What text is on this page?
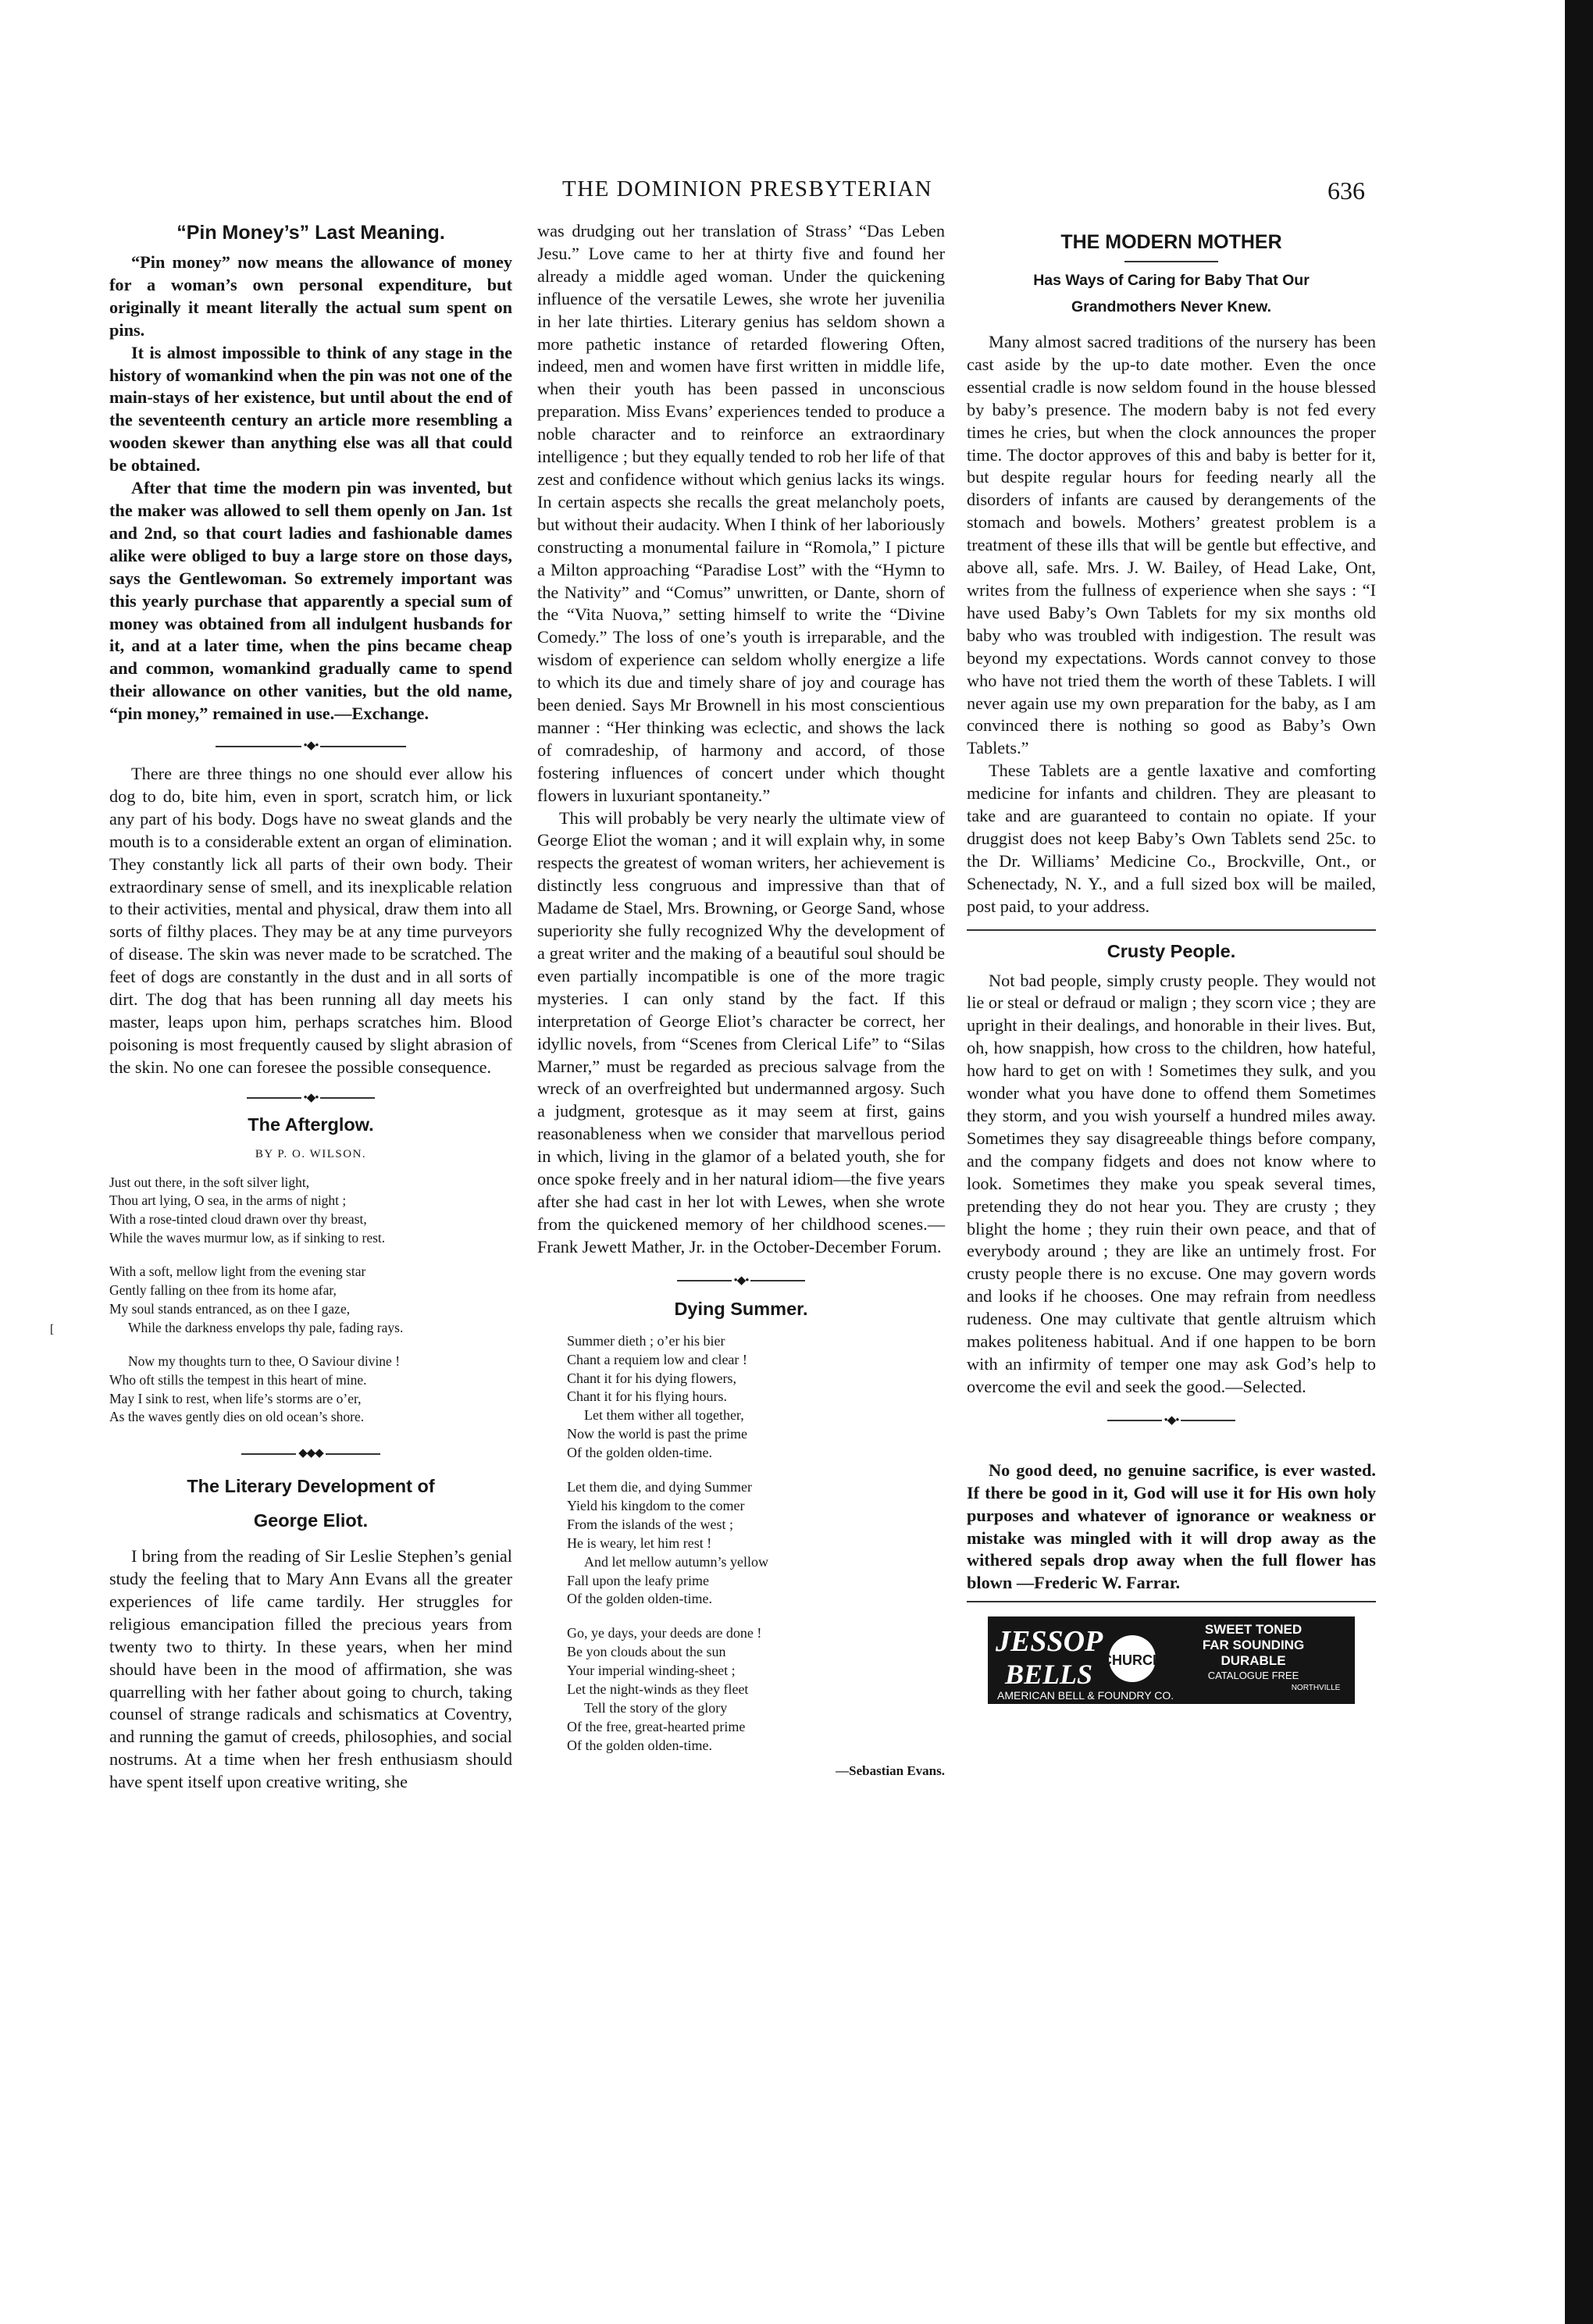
THE DOMINION PRESBYTERIAN	636
[
“Pin Money’s” Last Meaning.

“Pin money” now means the allowance of money for a woman’s own personal expenditure, but originally it meant literally the actual sum spent on pins.

It is almost impossible to think of any stage in the history of womankind when the pin was not one of the main-stays of her existence, but until about the end of the seventeenth century an article more resembling a wooden skewer than anything else was all that could be obtained.

After that time the modern pin was invented, but the maker was allowed to sell them openly on Jan. 1st and 2nd, so that court ladies and fashionable dames alike were obliged to buy a large store on those days, says the Gentlewoman. So extremely important was this yearly purchase that apparently a special sum of money was obtained from all indulgent husbands for it, and at a later time, when the pins became cheap and common, womankind gradually came to spend their allowance on other vanities, but the old name, “pin money,” remained in use.—Exchange.

•◆•

There are three things no one should ever allow his dog to do, bite him, even in sport, scratch him, or lick any part of his body. Dogs have no sweat glands and the mouth is to a considerable extent an organ of elimination. They constantly lick all parts of their own body. Their extraordinary sense of smell, and its inexplicable relation to their activities, mental and physical, draw them into all sorts of filthy places. They may be at any time purveyors of disease. The skin was never made to be scratched. The feet of dogs are constantly in the dust and in all sorts of dirt. The dog that has been running all day meets his master, leaps upon him, perhaps scratches him. Blood poisoning is most frequently caused by slight abrasion of the skin. No one can foresee the possible consequence.

•◆•
The Afterglow.
BY P. O. WILSON.
Just out there, in the soft silver light,
Thou art lying, O sea, in the arms of night ;
With a rose-tinted cloud drawn over thy breast,
While the waves murmur low, as if sinking to rest.
With a soft, mellow light from the evening star
Gently falling on thee from its home afar,
My soul stands entranced, as on thee I gaze,
While the darkness envelops thy pale, fading rays.
Now my thoughts turn to thee, O Saviour divine !
Who oft stills the tempest in this heart of mine.
May I sink to rest, when life’s storms are o’er,
As the waves gently dies on old ocean’s shore.
◆◆◆
The Literary Development of
George Eliot.

I bring from the reading of Sir Leslie Stephen’s genial study the feeling that to Mary Ann Evans all the greater experiences of life came tardily. Her struggles for religious emancipation filled the precious years from twenty two to thirty. In these years, when her mind should have been in the mood of affirmation, she was quarrelling with her father about going to church, taking counsel of strange radicals and schismatics at Coventry, and running the gamut of creeds, philosophies, and social nostrums. At a time when her fresh enthusiasm should have spent itself upon creative writing, she

was drudging out her translation of Strass’ “Das Leben Jesu.” Love came to her at thirty five and found her already a middle aged woman. Under the quickening influence of the versatile Lewes, she wrote her juvenilia in her late thirties. Literary genius has seldom shown a more pathetic instance of retarded flowering Often, indeed, men and women have first written in middle life, when their youth has been passed in unconscious preparation. Miss Evans’ experiences tended to produce a noble character and to reinforce an extraordinary intelligence ; but they equally tended to rob her life of that zest and confidence without which genius lacks its wings. In certain aspects she recalls the great melancholy poets, but without their audacity. When I think of her laboriously constructing a monumental failure in “Romola,” I picture a Milton approaching “Paradise Lost” with the “Hymn to the Nativity” and “Comus” unwritten, or Dante, shorn of the “Vita Nuova,” setting himself to write the “Divine Comedy.” The loss of one’s youth is irreparable, and the wisdom of experience can seldom wholly energize a life to which its due and timely share of joy and courage has been denied. Says Mr Brownell in his most conscientious manner : “Her thinking was eclectic, and shows the lack of comradeship, of harmony and accord, of those fostering influences of concert under which thought flowers in luxuriant spontaneity.”

This will probably be very nearly the ultimate view of George Eliot the woman ; and it will explain why, in some respects the greatest of woman writers, her achievement is distinctly less congruous and impressive than that of Madame de Stael, Mrs. Browning, or George Sand, whose superiority she fully recognized Why the development of a great writer and the making of a beautiful soul should be even partially incompatible is one of the more tragic mysteries. I can only stand by the fact. If this interpretation of George Eliot’s character be correct, her idyllic novels, from “Scenes from Clerical Life” to “Silas Marner,” must be regarded as precious salvage from the wreck of an overfreighted but undermanned argosy. Such a judgment, grotesque as it may seem at first, gains reasonableness when we consider that marvellous period in which, living in the glamor of a belated youth, she for once spoke freely and in her natural idiom—the five years after she had cast in her lot with Lewes, when she wrote from the quickened memory of her childhood scenes.—Frank Jewett Mather, Jr. in the October-December Forum.

•◆•
Dying Summer.
Summer dieth ; o’er his bier
Chant a requiem low and clear !
Chant it for his dying flowers,
Chant it for his flying hours.
Let them wither all together,
Now the world is past the prime
Of the golden olden-time.
Let them die, and dying Summer
Yield his kingdom to the comer
From the islands of the west ;
He is weary, let him rest !
And let mellow autumn’s yellow
Fall upon the leafy prime
Of the golden olden-time.
Go, ye days, your deeds are done !
Be yon clouds about the sun
Your imperial winding-sheet ;
Let the night-winds as they fleet
Tell the story of the glory
Of the free, great-hearted prime
Of the golden olden-time.
—Sebastian Evans.
THE MODERN MOTHER
Has Ways of Caring for Baby That Our
Grandmothers Never Knew.

Many almost sacred traditions of the nursery has been cast aside by the up-to date mother. Even the once essential cradle is now seldom found in the house blessed by baby’s presence. The modern baby is not fed every times he cries, but when the clock announces the proper time. The doctor approves of this and baby is better for it, but despite regular hours for feeding nearly all the disorders of infants are caused by derangements of the stomach and bowels. Mothers’ greatest problem is a treatment of these ills that will be gentle but effective, and above all, safe. Mrs. J. W. Bailey, of Head Lake, Ont, writes from the fullness of experience when she says : “I have used Baby’s Own Tablets for my six months old baby who was troubled with indigestion. The result was beyond my expectations. Words cannot convey to those who have not tried them the worth of these Tablets. I will never again use my own preparation for the baby, as I am convinced there is nothing so good as Baby’s Own Tablets.”

These Tablets are a gentle laxative and comforting medicine for infants and children. They are pleasant to take and are guaranteed to contain no opiate. If your druggist does not keep Baby’s Own Tablets send 25c. to the Dr. Williams’ Medicine Co., Brockville, Ont., or Schenectady, N. Y., and a full sized box will be mailed, post paid, to your address.

Crusty People.

Not bad people, simply crusty people. They would not lie or steal or defraud or malign ; they scorn vice ; they are upright in their dealings, and honorable in their lives. But, oh, how snappish, how cross to the children, how hateful, how hard to get on with ! Sometimes they sulk, and you wonder what you have done to offend them Sometimes they storm, and you wish yourself a hundred miles away. Sometimes they say disagreeable things before company, and the company fidgets and does not know where to look. Sometimes they make you speak several times, pretending they do not hear you. They are crusty ; they blight the home ; they ruin their own peace, and that of everybody around ; they are like an untimely frost. For crusty people there is no excuse. One may govern words and looks if he chooses. One may refrain from needless rudeness. One may cultivate that gentle altruism which makes politeness habitual. And if one happen to be born with an infirmity of temper one may ask God’s help to overcome the evil and seek the good.—Selected.

•◆•

No good deed, no genuine sacrifice, is ever wasted. If there be good in it, God will use it for His own holy purposes and whatever of ignorance or weakness or mistake was mingled with it will drop away as the withered sepals drop away when the full flower has blown —Frederic W. Farrar.

JESSOP
BELLS CHURCH
SWEET TONED
FAR SOUNDING
DURABLE
CATALOGUE FREE
NORTHVILLE
AMERICAN BELL & FOUNDRY CO.
